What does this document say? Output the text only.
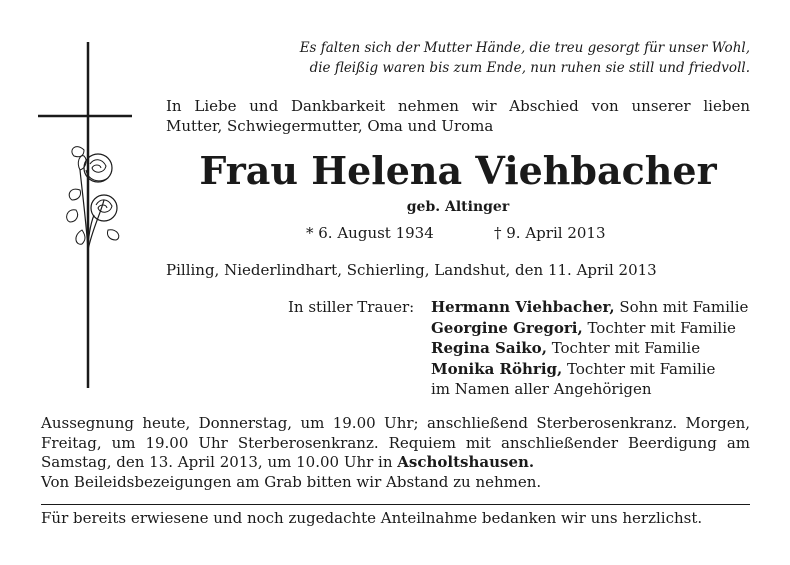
Es falten sich der Mutter Hände, die treu gesorgt für unser Wohl,
die fleißig waren bis zum Ende, nun ruhen sie still und friedvoll.
In Liebe und Dankbarkeit nehmen wir Abschied von unserer lieben
Mutter, Schwiegermutter, Oma und Uroma
Frau Helena Viehbacher
geb. Altinger
* 6. August 1934	† 9. April 2013
Pilling, Niederlindhart, Schierling, Landshut, den 11. April 2013
In stiller Trauer: Hermann Viehbacher, Sohn mit Familie
Georgine Gregori, Tochter mit Familie
Regina Saiko, Tochter mit Familie
Monika Röhrig, Tochter mit Familie
im Namen aller Angehörigen
Aussegnung heute, Donnerstag, um 19.00 Uhr; anschließend Sterberosenkranz. Morgen,
Freitag, um 19.00 Uhr Sterberosenkranz. Requiem mit anschließender Beerdigung am
Samstag, den 13. April 2013, um 10.00 Uhr in Ascholtshausen.
Von Beileidsbezeigungen am Grab bitten wir Abstand zu nehmen.
Für bereits erwiesene und noch zugedachte Anteilnahme bedanken wir uns herzlichst.
